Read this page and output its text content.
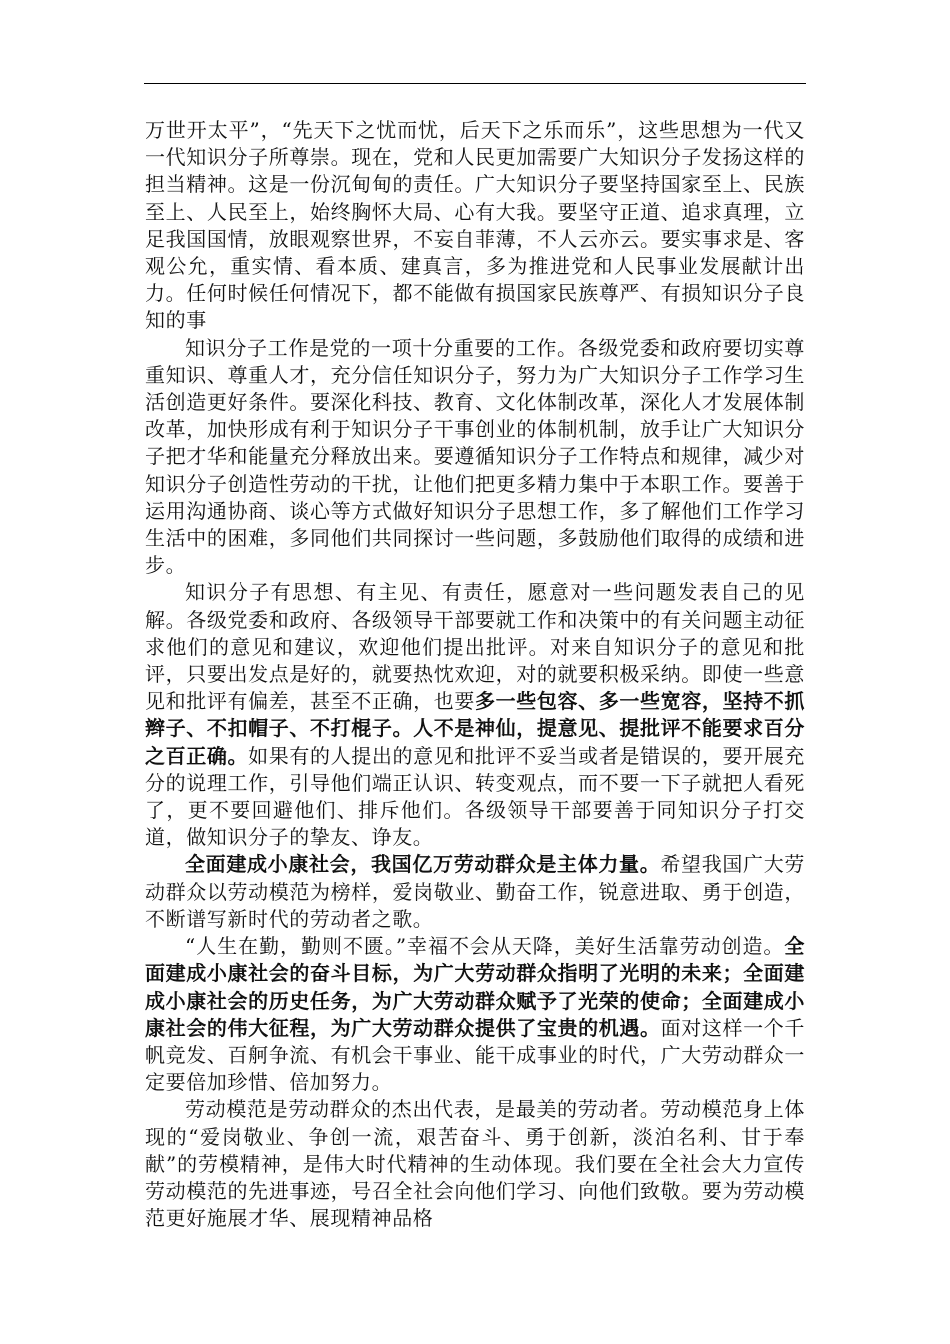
万世开太平”，“先天下之忧而忧，后天下之乐而乐”，这些思想为一代又一代知识分子所尊崇。现在，党和人民更加需要广大知识分子发扬这样的担当精神。这是一份沉甸甸的责任。广大知识分子要坚持国家至上、民族至上、人民至上，始终胸怀大局、心有大我。要坚守正道、追求真理，立足我国国情，放眼观察世界，不妄自菲薄，不人云亦云。要实事求是、客观公允，重实情、看本质、建真言，多为推进党和人民事业发展献计出力。任何时候任何情况下，都不能做有损国家民族尊严、有损知识分子良知的事

知识分子工作是党的一项十分重要的工作。各级党委和政府要切实尊重知识、尊重人才，充分信任知识分子，努力为广大知识分子工作学习生活创造更好条件。要深化科技、教育、文化体制改革，深化人才发展体制改革，加快形成有利于知识分子干事创业的体制机制，放手让广大知识分子把才华和能量充分释放出来。要遵循知识分子工作特点和规律，减少对知识分子创造性劳动的干扰，让他们把更多精力集中于本职工作。要善于运用沟通协商、谈心等方式做好知识分子思想工作，多了解他们工作学习生活中的困难，多同他们共同探讨一些问题，多鼓励他们取得的成绩和进步。

知识分子有思想、有主见、有责任，愿意对一些问题发表自己的见解。各级党委和政府、各级领导干部要就工作和决策中的有关问题主动征求他们的意见和建议，欢迎他们提出批评。对来自知识分子的意见和批评，只要出发点是好的，就要热忱欢迎，对的就要积极采纳。即使一些意见和批评有偏差，甚至不正确，也要多一些包容、多一些宽容，坚持不抓辫子、不扣帽子、不打棍子。人不是神仙，提意见、提批评不能要求百分之百正确。如果有的人提出的意见和批评不妥当或者是错误的，要开展充分的说理工作，引导他们端正认识、转变观点，而不要一下子就把人看死了，更不要回避他们、排斥他们。各级领导干部要善于同知识分子打交道，做知识分子的挚友、诤友。

全面建成小康社会，我国亿万劳动群众是主体力量。希望我国广大劳动群众以劳动模范为榜样，爱岗敬业、勤奋工作，锐意进取、勇于创造，不断谱写新时代的劳动者之歌。

“人生在勤，勤则不匮。”幸福不会从天降，美好生活靠劳动创造。全面建成小康社会的奋斗目标，为广大劳动群众指明了光明的未来；全面建成小康社会的历史任务，为广大劳动群众赋予了光荣的使命；全面建成小康社会的伟大征程，为广大劳动群众提供了宝贵的机遇。面对这样一个千帆竞发、百舸争流、有机会干事业、能干成事业的时代，广大劳动群众一定要倍加珍惜、倍加努力。

劳动模范是劳动群众的杰出代表，是最美的劳动者。劳动模范身上体现的“爱岗敬业、争创一流，艰苦奋斗、勇于创新，淡泊名利、甘于奉献”的劳模精神，是伟大时代精神的生动体现。我们要在全社会大力宣传劳动模范的先进事迹，号召全社会向他们学习、向他们致敬。要为劳动模范更好施展才华、展现精神品格
